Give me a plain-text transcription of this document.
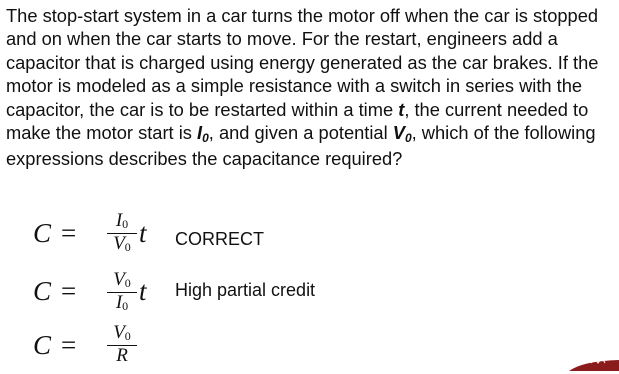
The stop-start system in a car turns the motor off when the car is stopped and on when the car starts to move. For the restart, engineers add a capacitor that is charged using energy generated as the car brakes. If the motor is modeled as a simple resistance with a switch in series with the capacitor, the car is to be restarted within a time t, the current needed to make the motor start is $I_0$, and given a potential $V_0$, which of the following expressions describes the capacitance required?
C =	$I_0$
$V_0$ t CORRECT
C =	$V_0$
$I_0$
t High partial credit
C =	$V_0$
R
